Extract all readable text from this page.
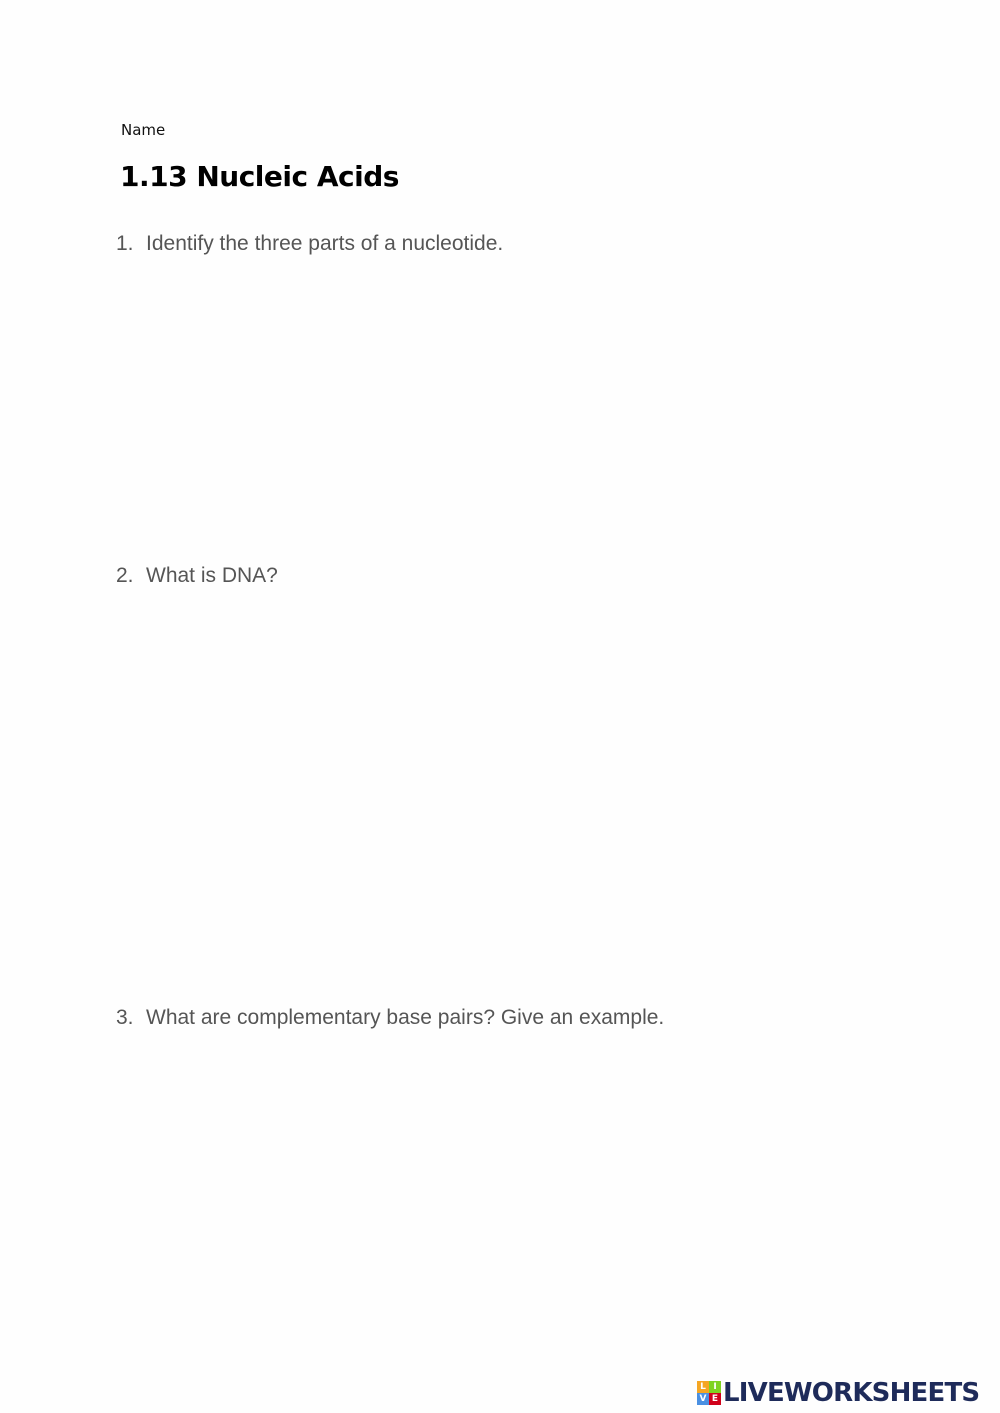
Name
1.13 Nucleic Acids
1. Identify the three parts of a nucleotide.
2. What is DNA?
3. What are complementary base pairs? Give an example.
L I
V E LIVEWORKSHEETS
